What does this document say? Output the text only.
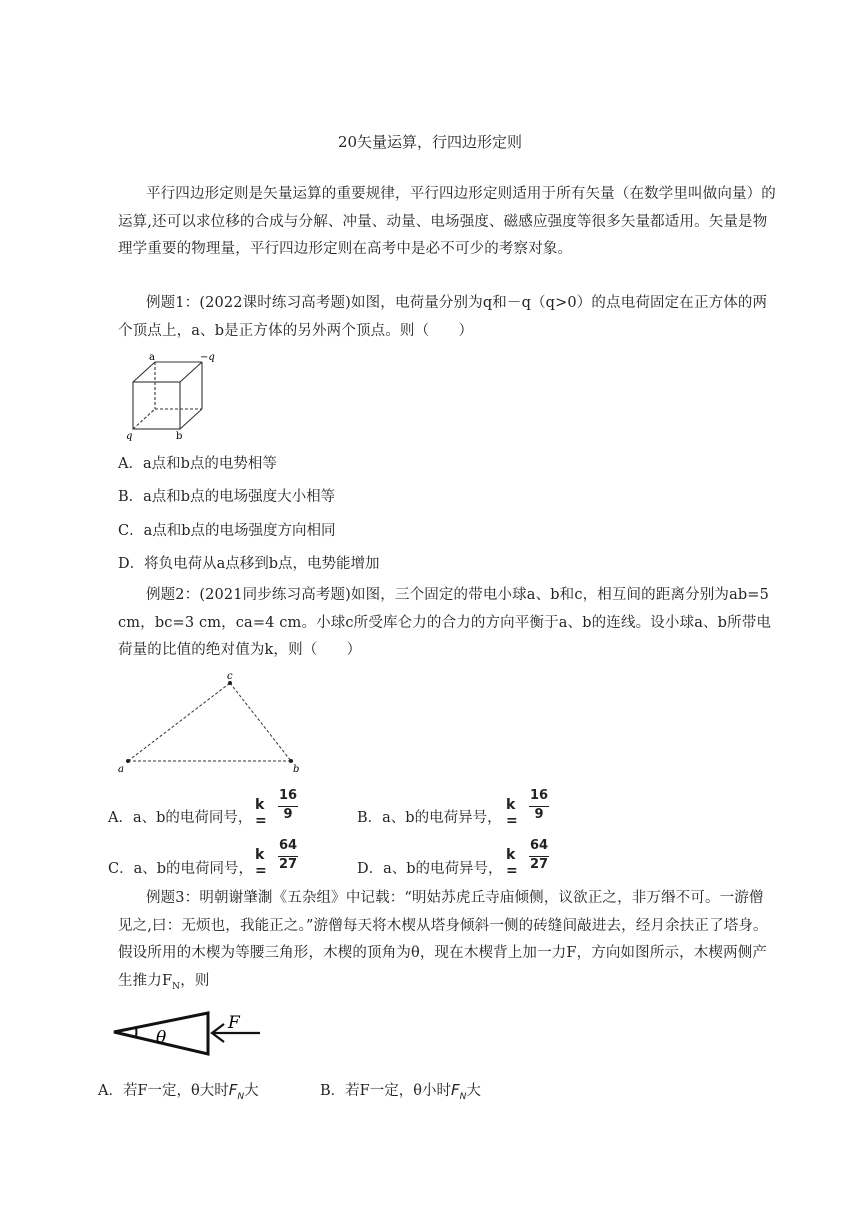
20矢量运算，行四边形定则
平行四边形定则是矢量运算的重要规律，平行四边形定则适用于所有矢量（在数学里叫做向量）的运算,还可以求位移的合成与分解、冲量、动量、电场强度、磁感应强度等很多矢量都适用。矢量是物理学重要的物理量，平行四边形定则在高考中是必不可少的考察对象。
例题1：(2022课时练习高考题)如图，电荷量分别为q和－q（q>0）的点电荷固定在正方体的两个顶点上，a、b是正方体的另外两个顶点。则（　　）
a	−q
q	b
A．a点和b点的电势相等
B．a点和b点的电场强度大小相等
C．a点和b点的电场强度方向相同
D．将负电荷从a点移到b点，电势能增加
例题2：(2021同步练习高考题)如图，三个固定的带电小球a、b和c，相互间的距离分别为ab=5 cm，bc=3 cm，ca=4 cm。小球c所受库仑力的合力的方向平衡于a、b的连线。设小球a、b所带电荷量的比值的绝对值为k，则（　　）
a
c
b
A．a、b的电荷同号，
k =
16
9	B．a、b的电荷异号，
k =
16
9
C．a、b的电荷同号，
k =
64
27	D．a、b的电荷异号，
k =
64
27
例题3：明朝谢肇淛《五杂组》中记载：“明姑苏虎丘寺庙倾侧，议欲正之，非万缗不可。一游僧见之,曰：无烦也，我能正之。”游僧每天将木楔从塔身倾斜一侧的砖缝间敲进去，经月余扶正了塔身。假设所用的木楔为等腰三角形，木楔的顶角为θ，现在木楔背上加一力F，方向如图所示，木楔两侧产生推力$F_N$，则
θ
F
A．若F一定，θ大时$F_N$大	B．若F一定，θ小时$F_N$大
